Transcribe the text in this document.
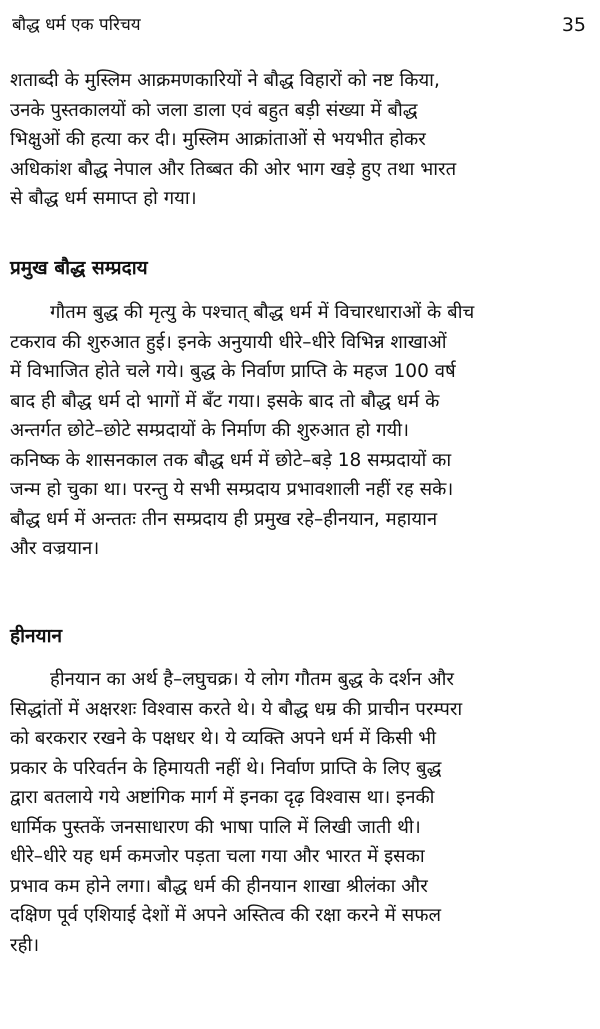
बौद्ध धर्म एक परिचय	35
शताब्दी के मुस्लिम आक्रमणकारियों ने बौद्ध विहारों को नष्ट किया,
उनके पुस्तकालयों को जला डाला एवं बहुत बड़ी संख्या में बौद्ध
भिक्षुओं की हत्या कर दी। मुस्लिम आक्रांताओं से भयभीत होकर
अधिकांश बौद्ध नेपाल और तिब्बत की ओर भाग खड़े हुए तथा भारत
से बौद्ध धर्म समाप्त हो गया।
प्रमुख बौद्ध सम्प्रदाय
गौतम बुद्ध की मृत्यु के पश्चात् बौद्ध धर्म में विचारधाराओं के बीच
टकराव की शुरुआत हुई। इनके अनुयायी धीरे–धीरे विभिन्न शाखाओं
में विभाजित होते चले गये। बुद्ध के निर्वाण प्राप्ति के महज 100 वर्ष
बाद ही बौद्ध धर्म दो भागों में बँट गया। इसके बाद तो बौद्ध धर्म के
अन्तर्गत छोटे–छोटे सम्प्रदायों के निर्माण की शुरुआत हो गयी।
कनिष्क के शासनकाल तक बौद्ध धर्म में छोटे–बड़े 18 सम्प्रदायों का
जन्म हो चुका था। परन्तु ये सभी सम्प्रदाय प्रभावशाली नहीं रह सके।
बौद्ध धर्म में अन्ततः तीन सम्प्रदाय ही प्रमुख रहे–हीनयान, महायान
और वज्रयान।
हीनयान
हीनयान का अर्थ है–लघुचक्र। ये लोग गौतम बुद्ध के दर्शन और
सिद्धांतों में अक्षरशः विश्वास करते थे। ये बौद्ध धम्र की प्राचीन परम्परा
को बरकरार रखने के पक्षधर थे। ये व्यक्ति अपने धर्म में किसी भी
प्रकार के परिवर्तन के हिमायती नहीं थे। निर्वाण प्राप्ति के लिए बुद्ध
द्वारा बतलाये गये अष्टांगिक मार्ग में इनका दृढ़ विश्वास था। इनकी
धार्मिक पुस्तकें जनसाधारण की भाषा पालि में लिखी जाती थी।
धीरे–धीरे यह धर्म कमजोर पड़ता चला गया और भारत में इसका
प्रभाव कम होने लगा। बौद्ध धर्म की हीनयान शाखा श्रीलंका और
दक्षिण पूर्व एशियाई देशों में अपने अस्तित्व की रक्षा करने में सफल
रही।
